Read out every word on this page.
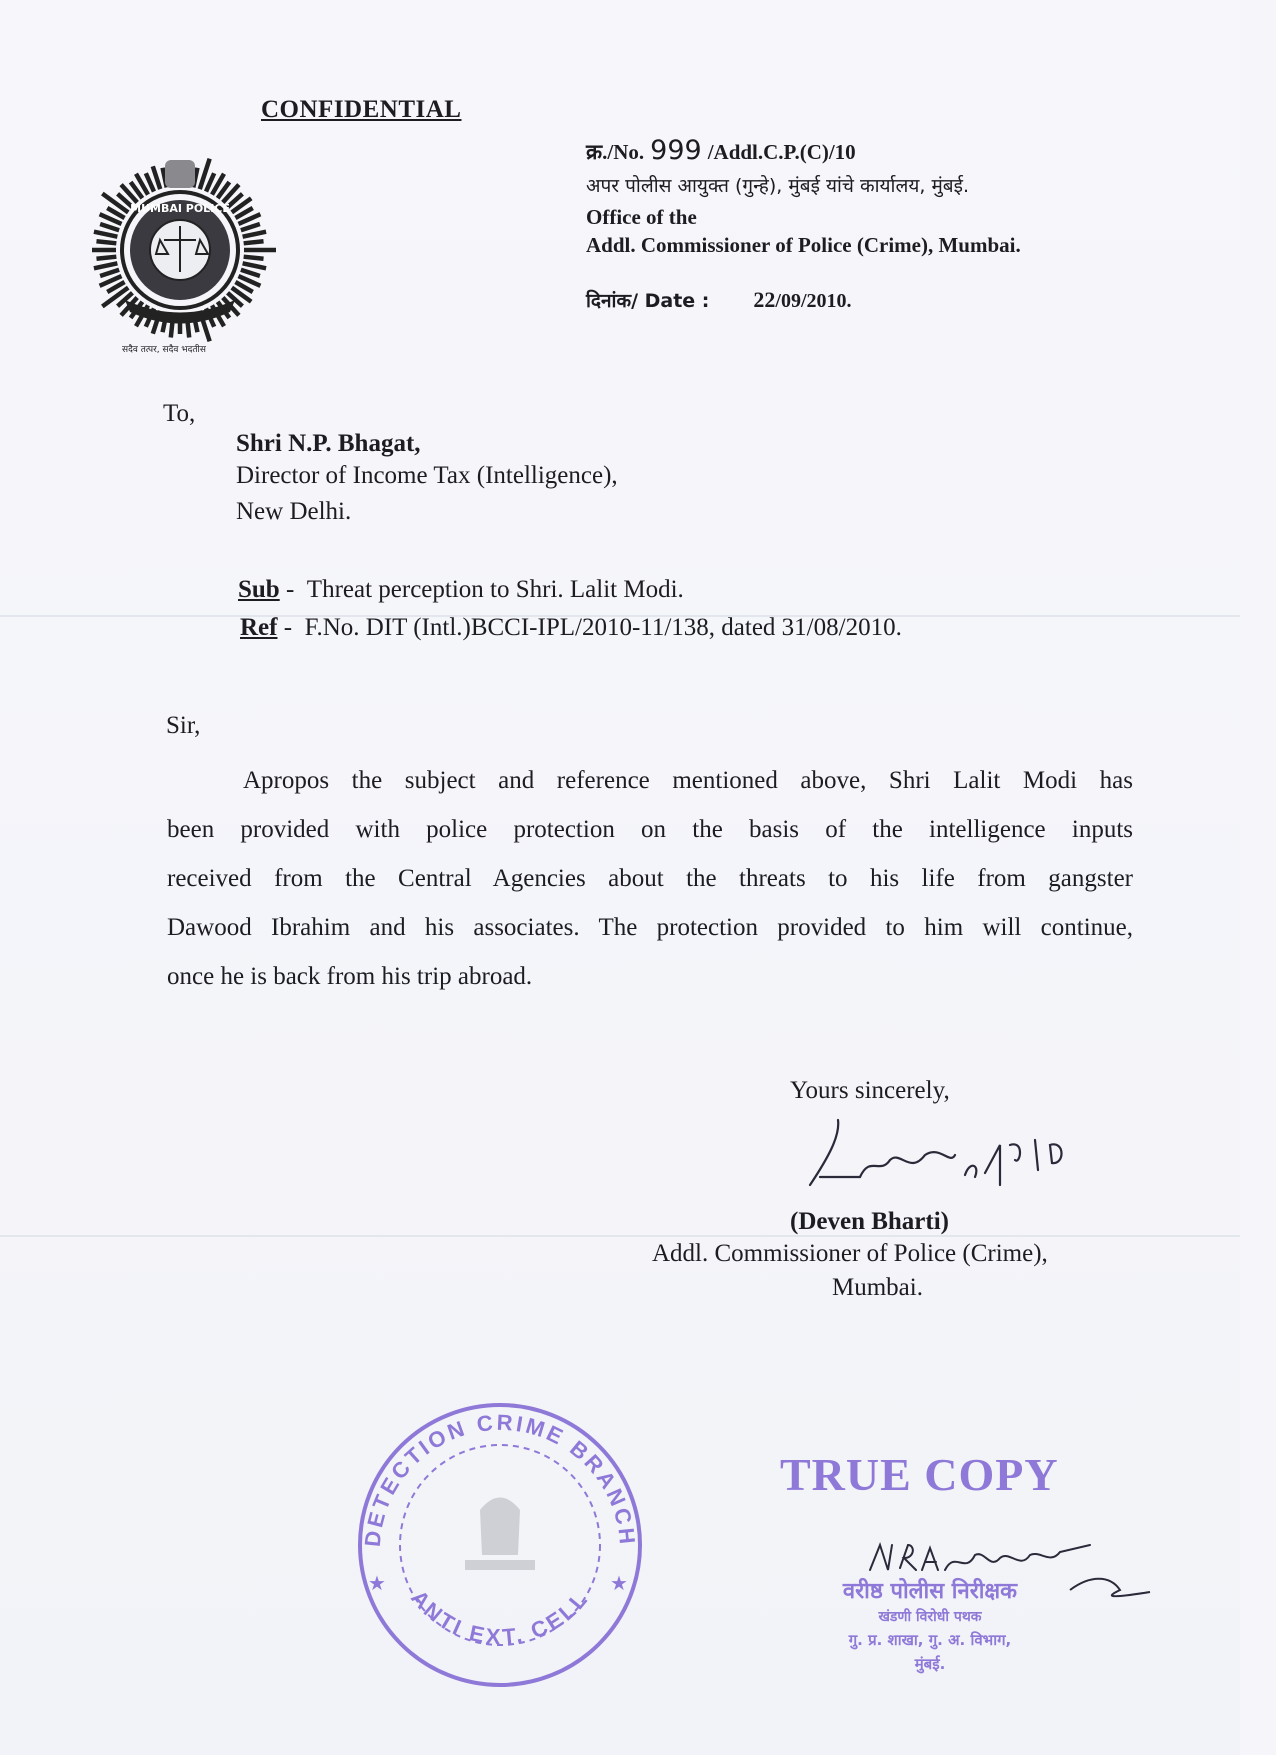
CONFIDENTIAL
MUMBAI POLICE
सदैव तत्पर, सदैव भदतीस
क्र./No. 999 /Addl.C.P.(C)/10
अपर पोलीस आयुक्त (गुन्हे), मुंबई यांचे कार्यालय, मुंबई.
Office of the
Addl. Commissioner of Police (Crime), Mumbai.
दिनांक/ Date : 22/09/2010.
To,
Shri N.P. Bhagat,
Director of Income Tax (Intelligence),
New Delhi.
Sub -  Threat perception to Shri. Lalit Modi.
Ref -  F.No. DIT (Intl.)BCCI-IPL/2010-11/138, dated 31/08/2010.
Sir,
Apropos the subject and reference mentioned above, Shri Lalit Modi has
been provided with police protection on the basis of the intelligence inputs
received from the Central Agencies about the threats to his life from gangster
Dawood Ibrahim and his associates. The protection provided to him will continue,
once he is back from his trip abroad.
Yours sincerely,
(Deven Bharti)
Addl. Commissioner of Police (Crime),
Mumbai.
DETECTION CRIME BRANCH
ANTI EXT. CELL
★	★
TRUE COPY
वरीष्ठ पोलीस निरीक्षक
खंडणी विरोधी पथक
गु. प्र. शाखा, गु. अ. विभाग,
मुंबई.
